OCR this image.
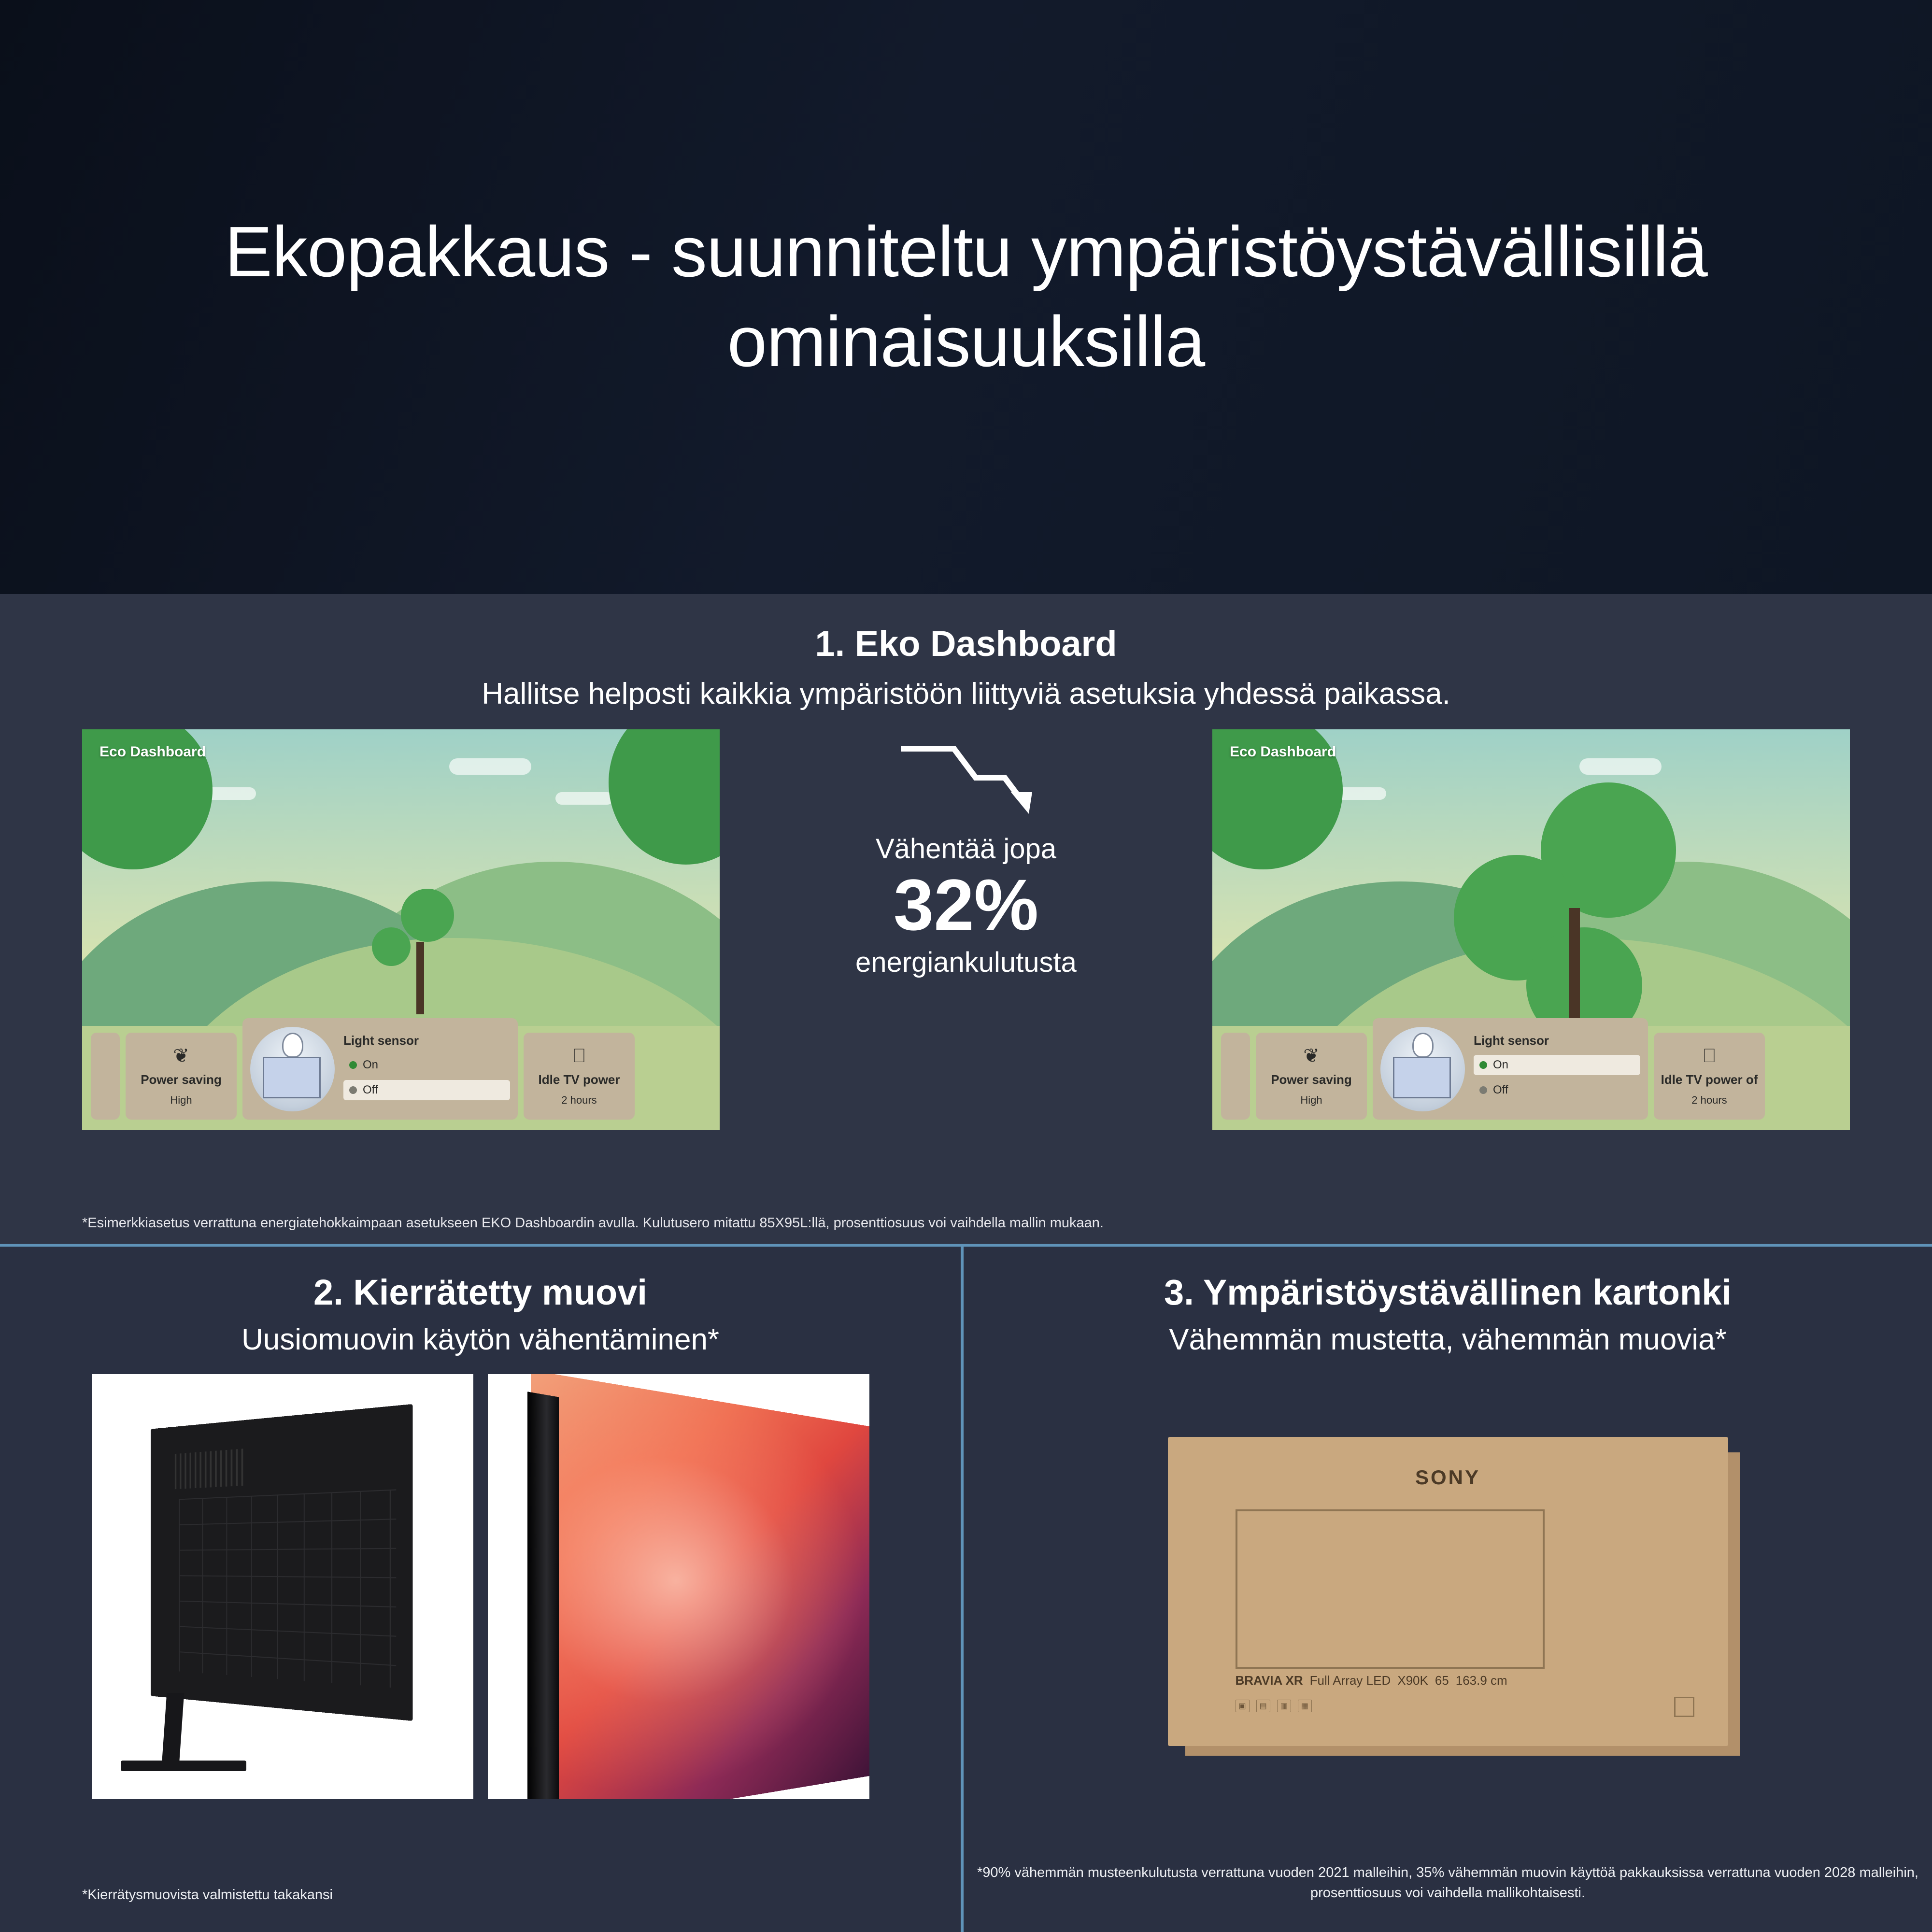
Ekopakkaus - suunniteltu ympäristöystävällisillä ominaisuuksilla
1. Eko Dashboard

Hallitse helposti kaikkia ympäristöön liittyviä asetuksia yhdessä paikassa.

Eco Dashboard
❦
Power saving
High
Light sensor
On
Off
⎕
Idle TV power
2 hours
Vähentää jopa
32%
energiankulutusta
Eco Dashboard
❦
Power saving
High
Light sensor
On
Off
⎕
Idle TV power of
2 hours
*Esimerkkiasetus verrattuna energiatehokkaimpaan asetukseen EKO Dashboardin avulla. Kulutusero mitattu 85X95L:llä, prosenttiosuus voi vaihdella mallin mukaan.
2. Kierrätetty muovi

Uusiomuovin käytön vähentäminen*

*Kierrätysmuovista valmistettu takakansi
3. Ympäristöystävällinen kartonki

Vähemmän mustetta, vähemmän muovia*

SONY
BRAVIA XR Full Array LED X90K 65 163.9 cm
▣	▤	▥	▦
*90% vähemmän musteenkulutusta verrattuna vuoden 2021 malleihin, 35% vähemmän muovin käyttöä pakkauksissa verrattuna vuoden 2028 malleihin, prosenttiosuus voi vaihdella mallikohtaisesti.
